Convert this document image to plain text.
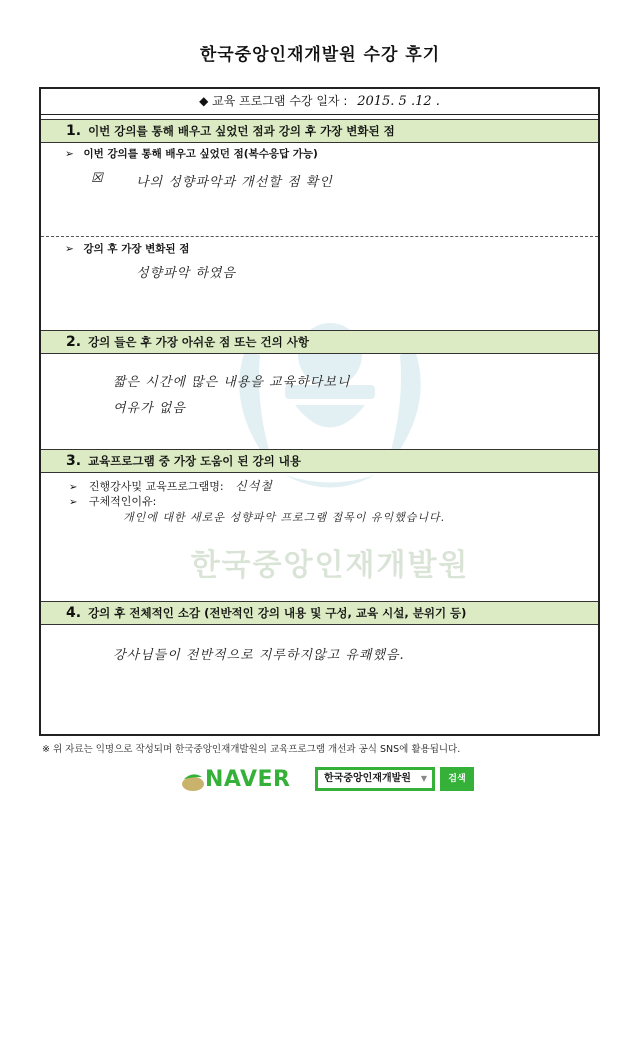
한국중앙인재개발원 수강 후기
한국중앙인재개발원
◆ 교육 프로그램 수강 일자 : 2015. 5 .12 .
1. 이번 강의를 통해 배우고 싶었던 점과 강의 후 가장 변화된 점
➢ 이번 강의를 통해 배우고 싶었던 점(복수응답 가능)
☒ 나의 성향파악과 개선할 점 확인
➢ 강의 후 가장 변화된 점
성향파악 하였음
2. 강의 들은 후 가장 아쉬운 점 또는 건의 사항
짧은 시간에 많은 내용을 교육하다보니
여유가 없음
3. 교육프로그램 중 가장 도움이 된 강의 내용
➢ 진행강사및 교육프로그램명: 신석철
➢ 구체적인이유:
개인에 대한 새로운 성향파악 프로그램 접목이 유익했습니다.
4. 강의 후 전체적인 소감 (전반적인 강의 내용 및 구성, 교육 시설, 분위기 등)
강사님들이 전반적으로 지루하지않고 유쾌했음.
※ 위 자료는 익명으로 작성되며 한국중앙인재개발원의 교육프로그램 개선과 공식 SNS에 활용됩니다.
NAVER	한국중앙인재개발원 ▼	검색
